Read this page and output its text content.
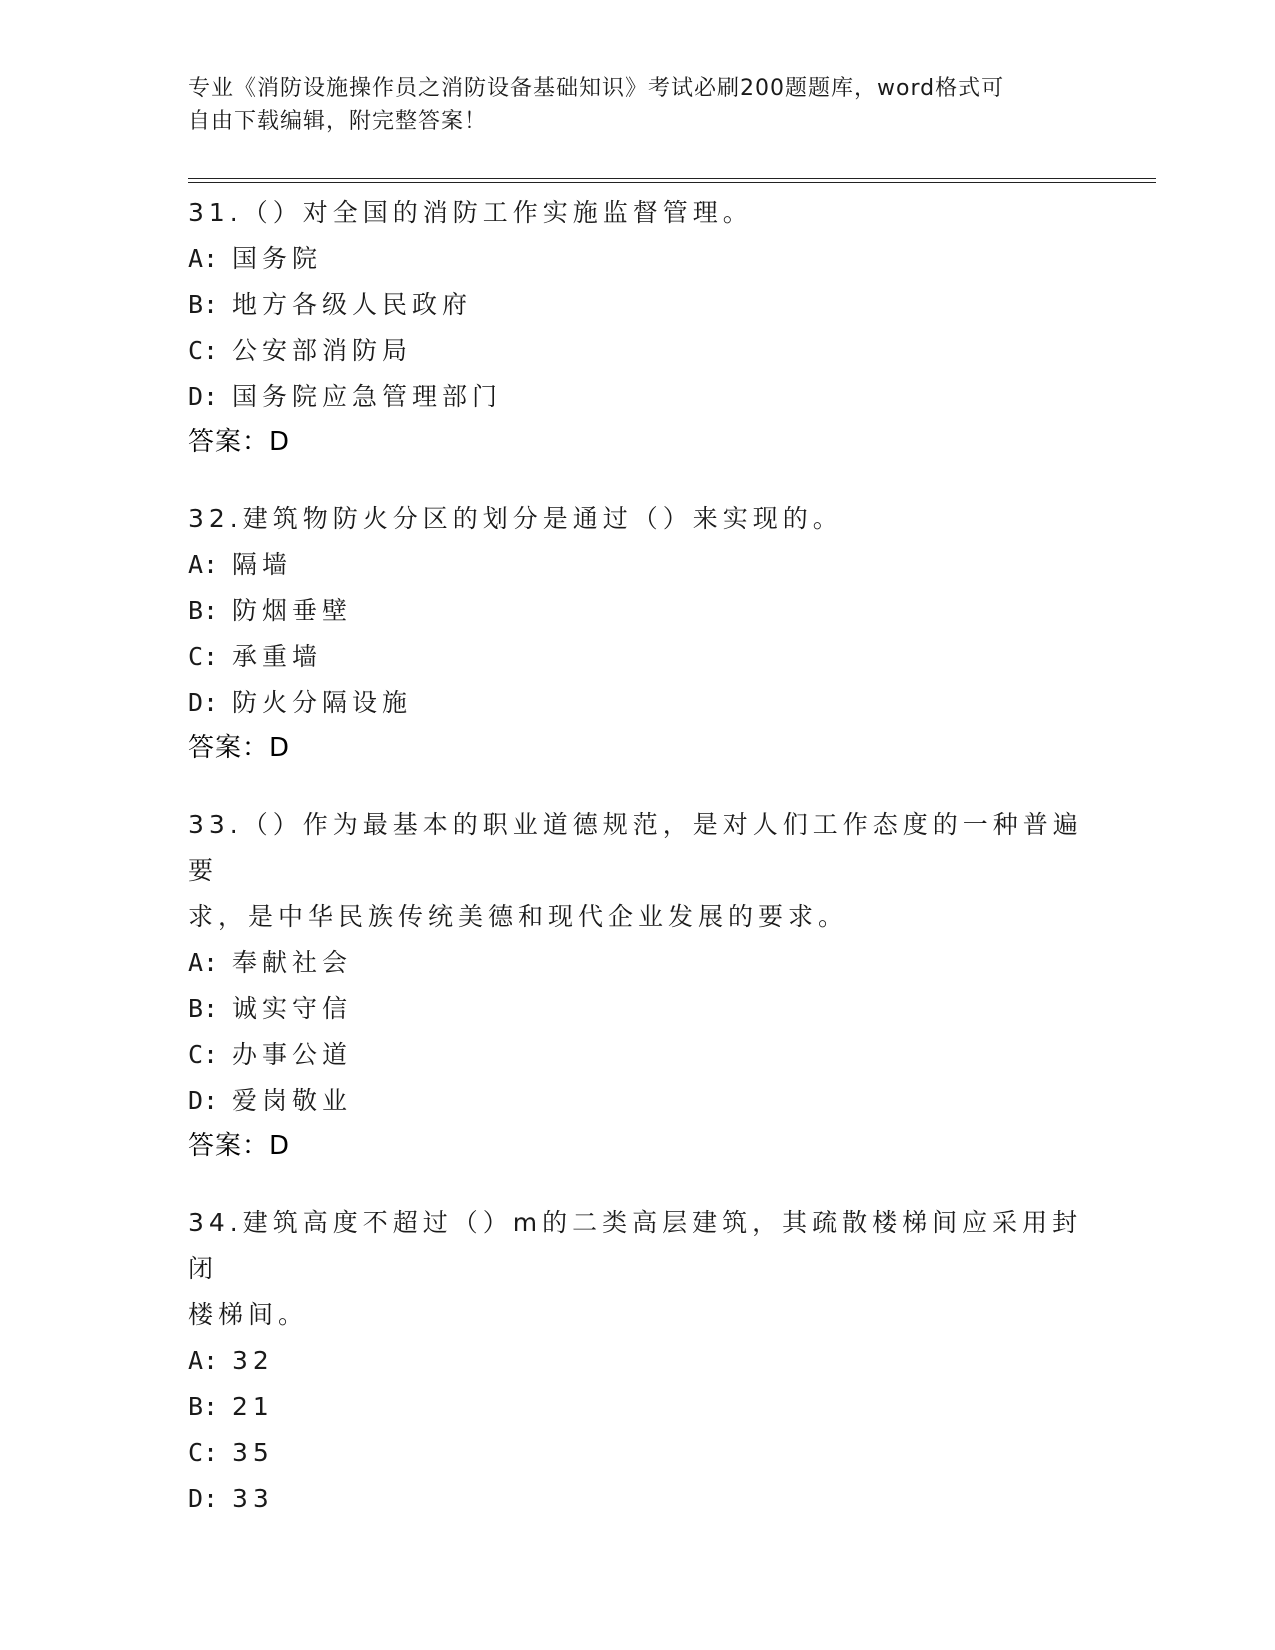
专业《消防设施操作员之消防设备基础知识》考试必刷200题题库，word格式可
自由下载编辑，附完整答案！

31.（）对全国的消防工作实施监督管理。

A: 国务院

B: 地方各级人民政府

C: 公安部消防局

D: 国务院应急管理部门

答案：D

32.建筑物防火分区的划分是通过（）来实现的。

A: 隔墙

B: 防烟垂壁

C: 承重墙

D: 防火分隔设施

答案：D

33.（）作为最基本的职业道德规范，是对人们工作态度的一种普遍要

求，是中华民族传统美德和现代企业发展的要求。

A: 奉献社会

B: 诚实守信

C: 办事公道

D: 爱岗敬业

答案：D

34.建筑高度不超过（）m的二类高层建筑，其疏散楼梯间应采用封闭

楼梯间。

A: 32

B: 21

C: 35

D: 33
